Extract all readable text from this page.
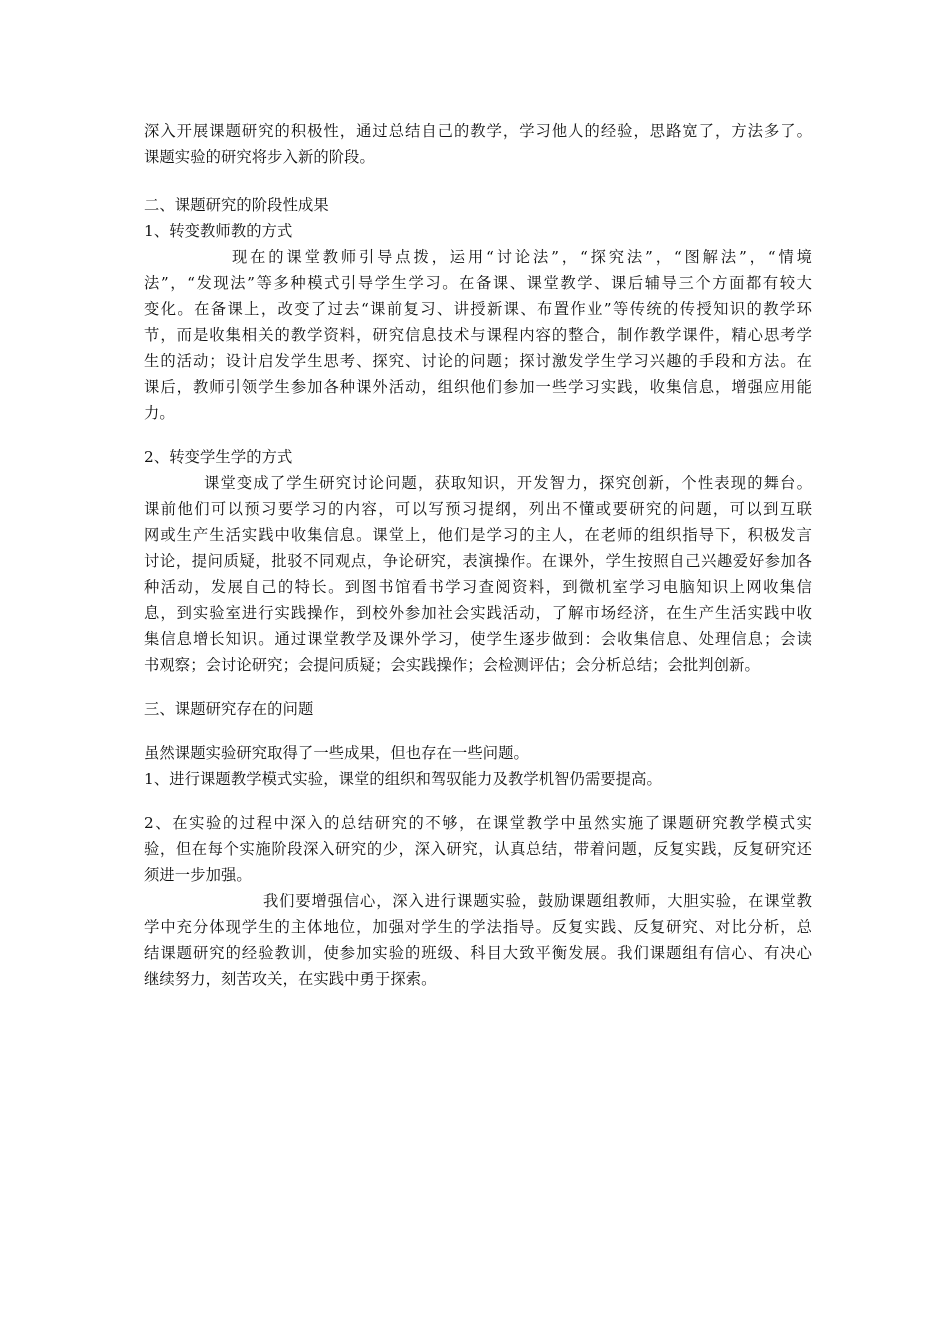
深入开展课题研究的积极性，通过总结自己的教学，学习他人的经验，思路宽了，方法多了。
课题实验的研究将步入新的阶段。
二、课题研究的阶段性成果
1、转变教师教的方式
现在的课堂教师引导点拨，运用“讨论法”，“探究法”，“图解法”，“情境
法”，“发现法”等多种模式引导学生学习。在备课、课堂教学、课后辅导三个方面都有较大
变化。在备课上，改变了过去“课前复习、讲授新课、布置作业”等传统的传授知识的教学环
节，而是收集相关的教学资料，研究信息技术与课程内容的整合，制作教学课件，精心思考学
生的活动；设计启发学生思考、探究、讨论的问题；探讨激发学生学习兴趣的手段和方法。在
课后，教师引领学生参加各种课外活动，组织他们参加一些学习实践，收集信息，增强应用能
力。
2、转变学生学的方式
课堂变成了学生研究讨论问题，获取知识，开发智力，探究创新，个性表现的舞台。
课前他们可以预习要学习的内容，可以写预习提纲，列出不懂或要研究的问题，可以到互联
网或生产生活实践中收集信息。课堂上，他们是学习的主人，在老师的组织指导下，积极发言
讨论，提问质疑，批驳不同观点，争论研究，表演操作。在课外，学生按照自己兴趣爱好参加各
种活动，发展自己的特长。到图书馆看书学习查阅资料，到微机室学习电脑知识上网收集信
息，到实验室进行实践操作，到校外参加社会实践活动，了解市场经济，在生产生活实践中收
集信息增长知识。通过课堂教学及课外学习，使学生逐步做到：会收集信息、处理信息；会读
书观察；会讨论研究；会提问质疑；会实践操作；会检测评估；会分析总结；会批判创新。
三、课题研究存在的问题
虽然课题实验研究取得了一些成果，但也存在一些问题。
1、进行课题教学模式实验，课堂的组织和驾驭能力及教学机智仍需要提高。
2、在实验的过程中深入的总结研究的不够，在课堂教学中虽然实施了课题研究教学模式实
验，但在每个实施阶段深入研究的少，深入研究，认真总结，带着问题，反复实践，反复研究还
须进一步加强。
我们要增强信心，深入进行课题实验，鼓励课题组教师，大胆实验，在课堂教
学中充分体现学生的主体地位，加强对学生的学法指导。反复实践、反复研究、对比分析，总
结课题研究的经验教训，使参加实验的班级、科目大致平衡发展。我们课题组有信心、有决心
继续努力，刻苦攻关，在实践中勇于探索。
